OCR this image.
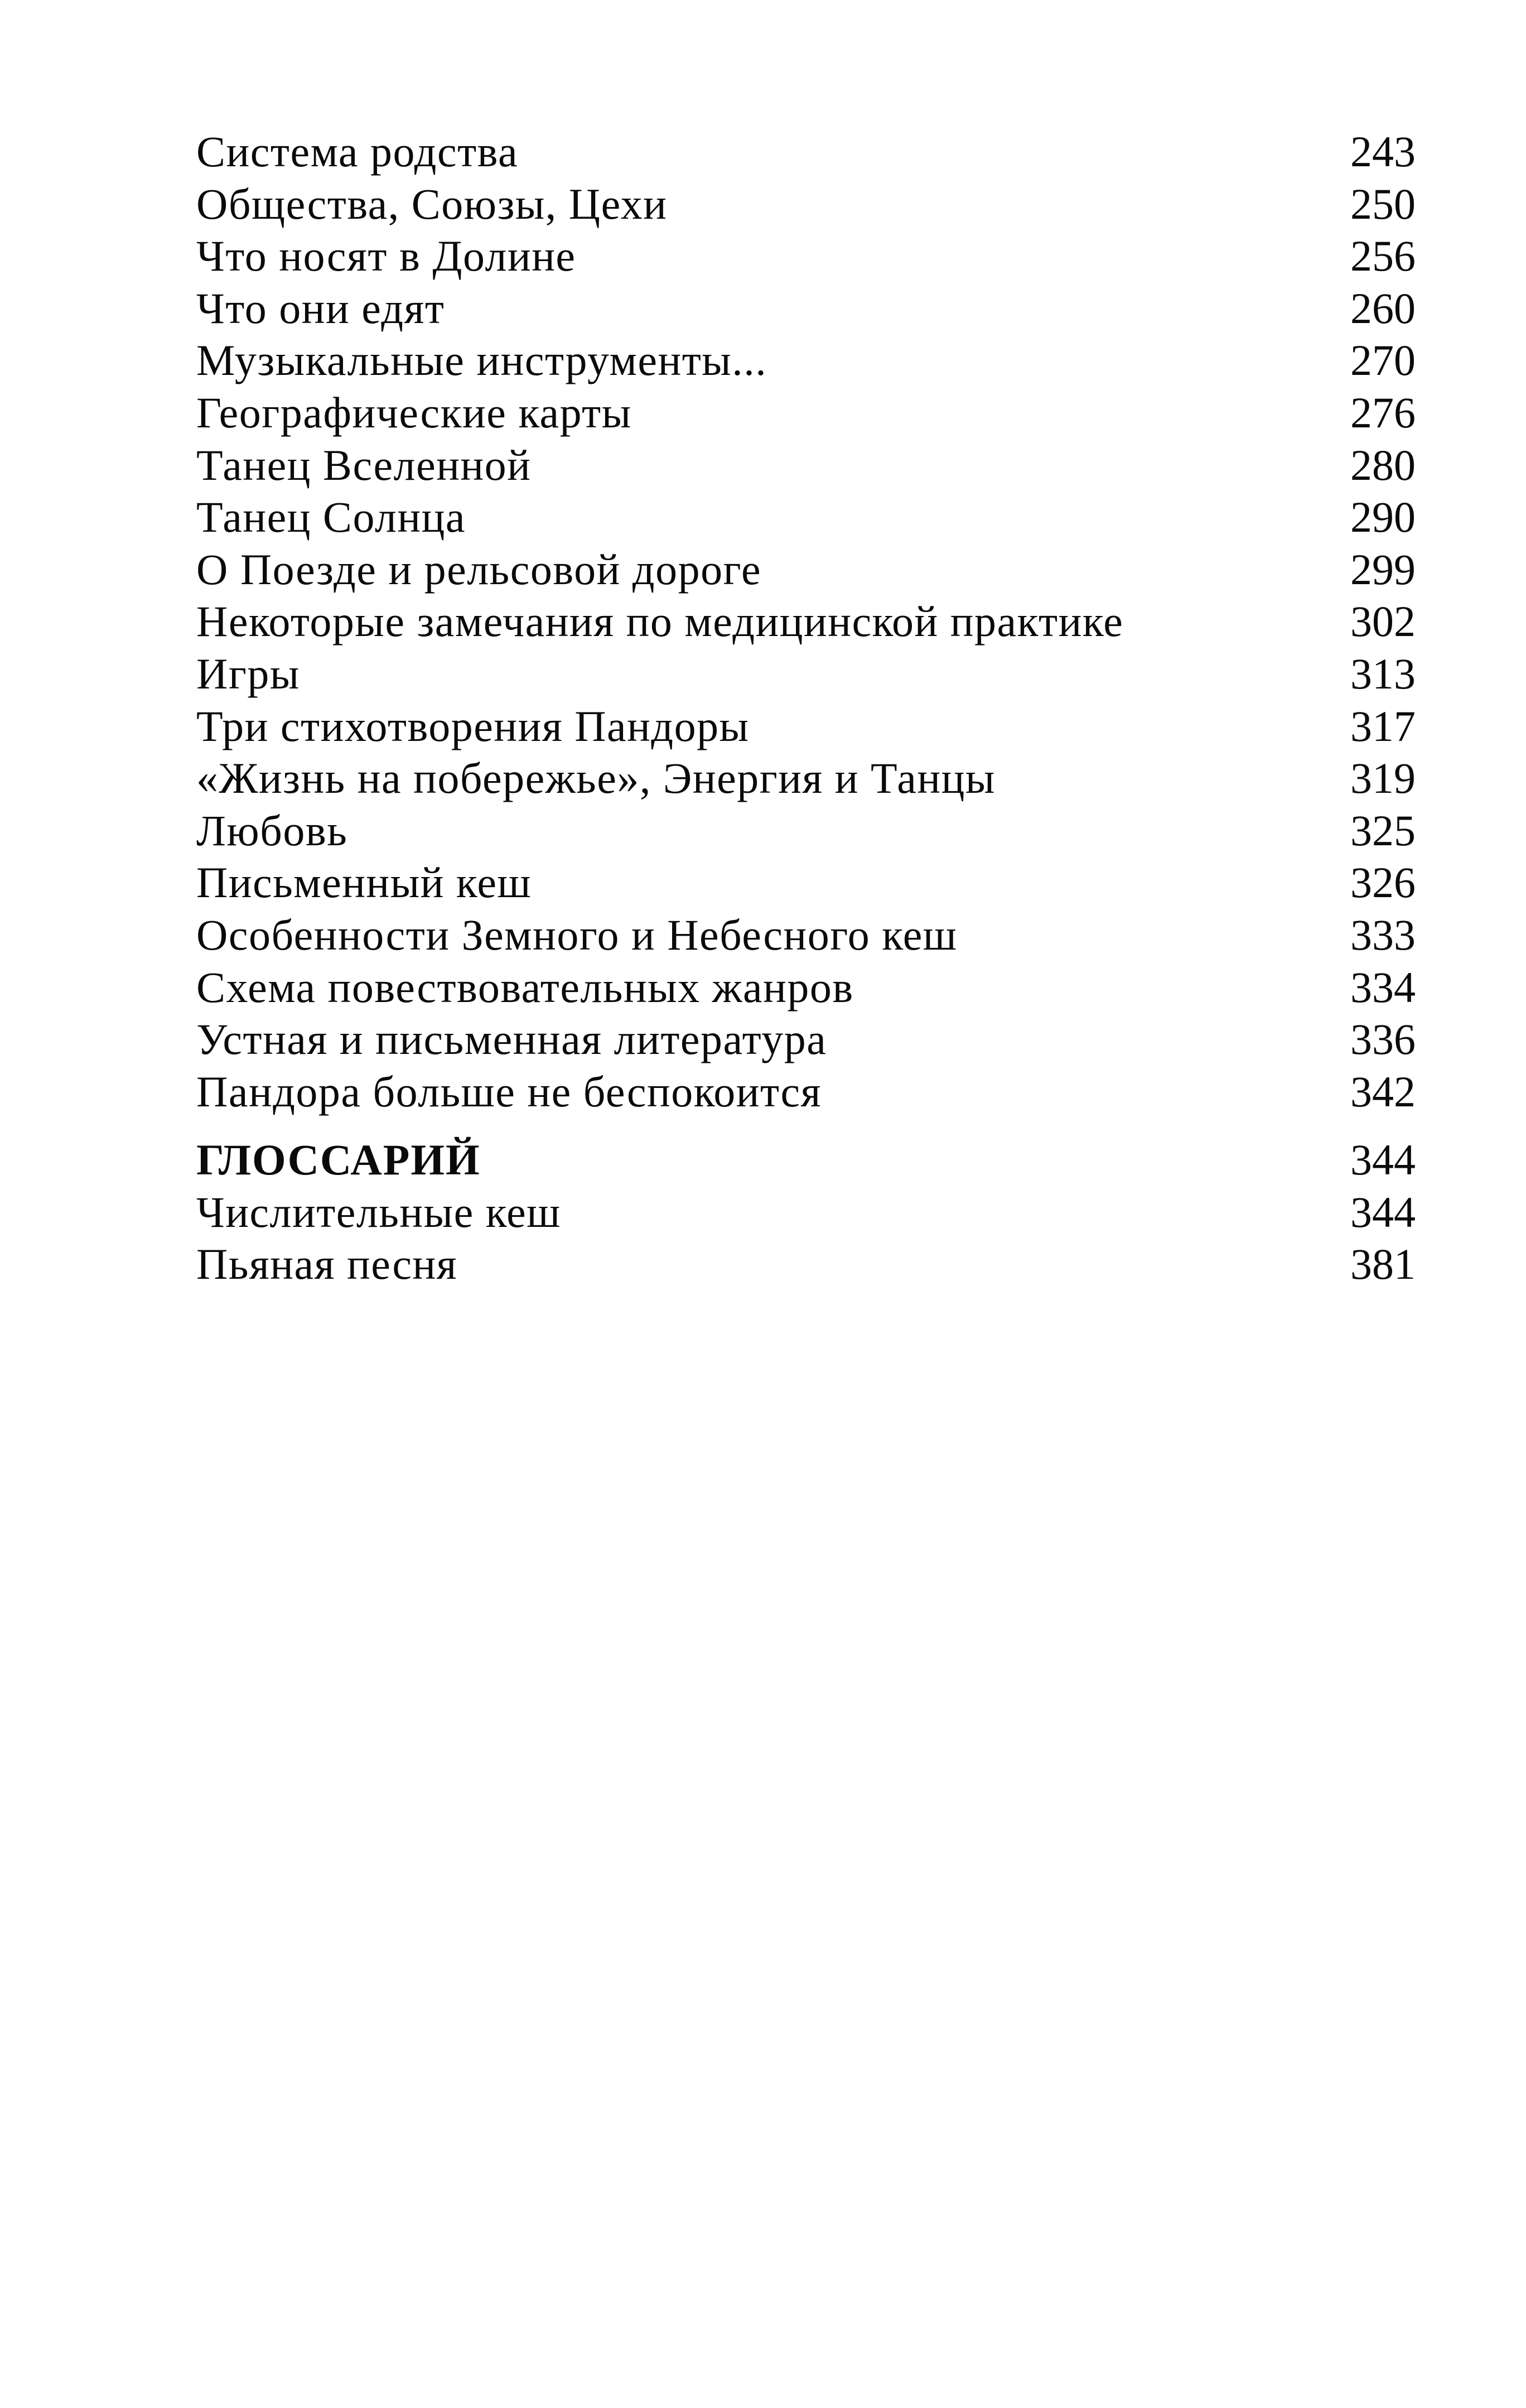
Система родства	243
Общества, Союзы, Цехи	250
Что носят в Долине	256
Что они едят	260
Музыкальные инструменты...	270
Географические карты	276
Танец Вселенной	280
Танец Солнца	290
О Поезде и рельсовой дороге	299
Некоторые замечания по медицинской практике	302
Игры	313
Три стихотворения Пандоры	317
«Жизнь на побережье», Энергия и Танцы	319
Любовь	325
Письменный кеш	326
Особенности Земного и Небесного кеш	333
Схема повествовательных жанров	334
Устная и письменная литература	336
Пандора больше не беспокоится	342
ГЛОССАРИЙ	344
Числительные кеш	344
Пьяная песня	381
